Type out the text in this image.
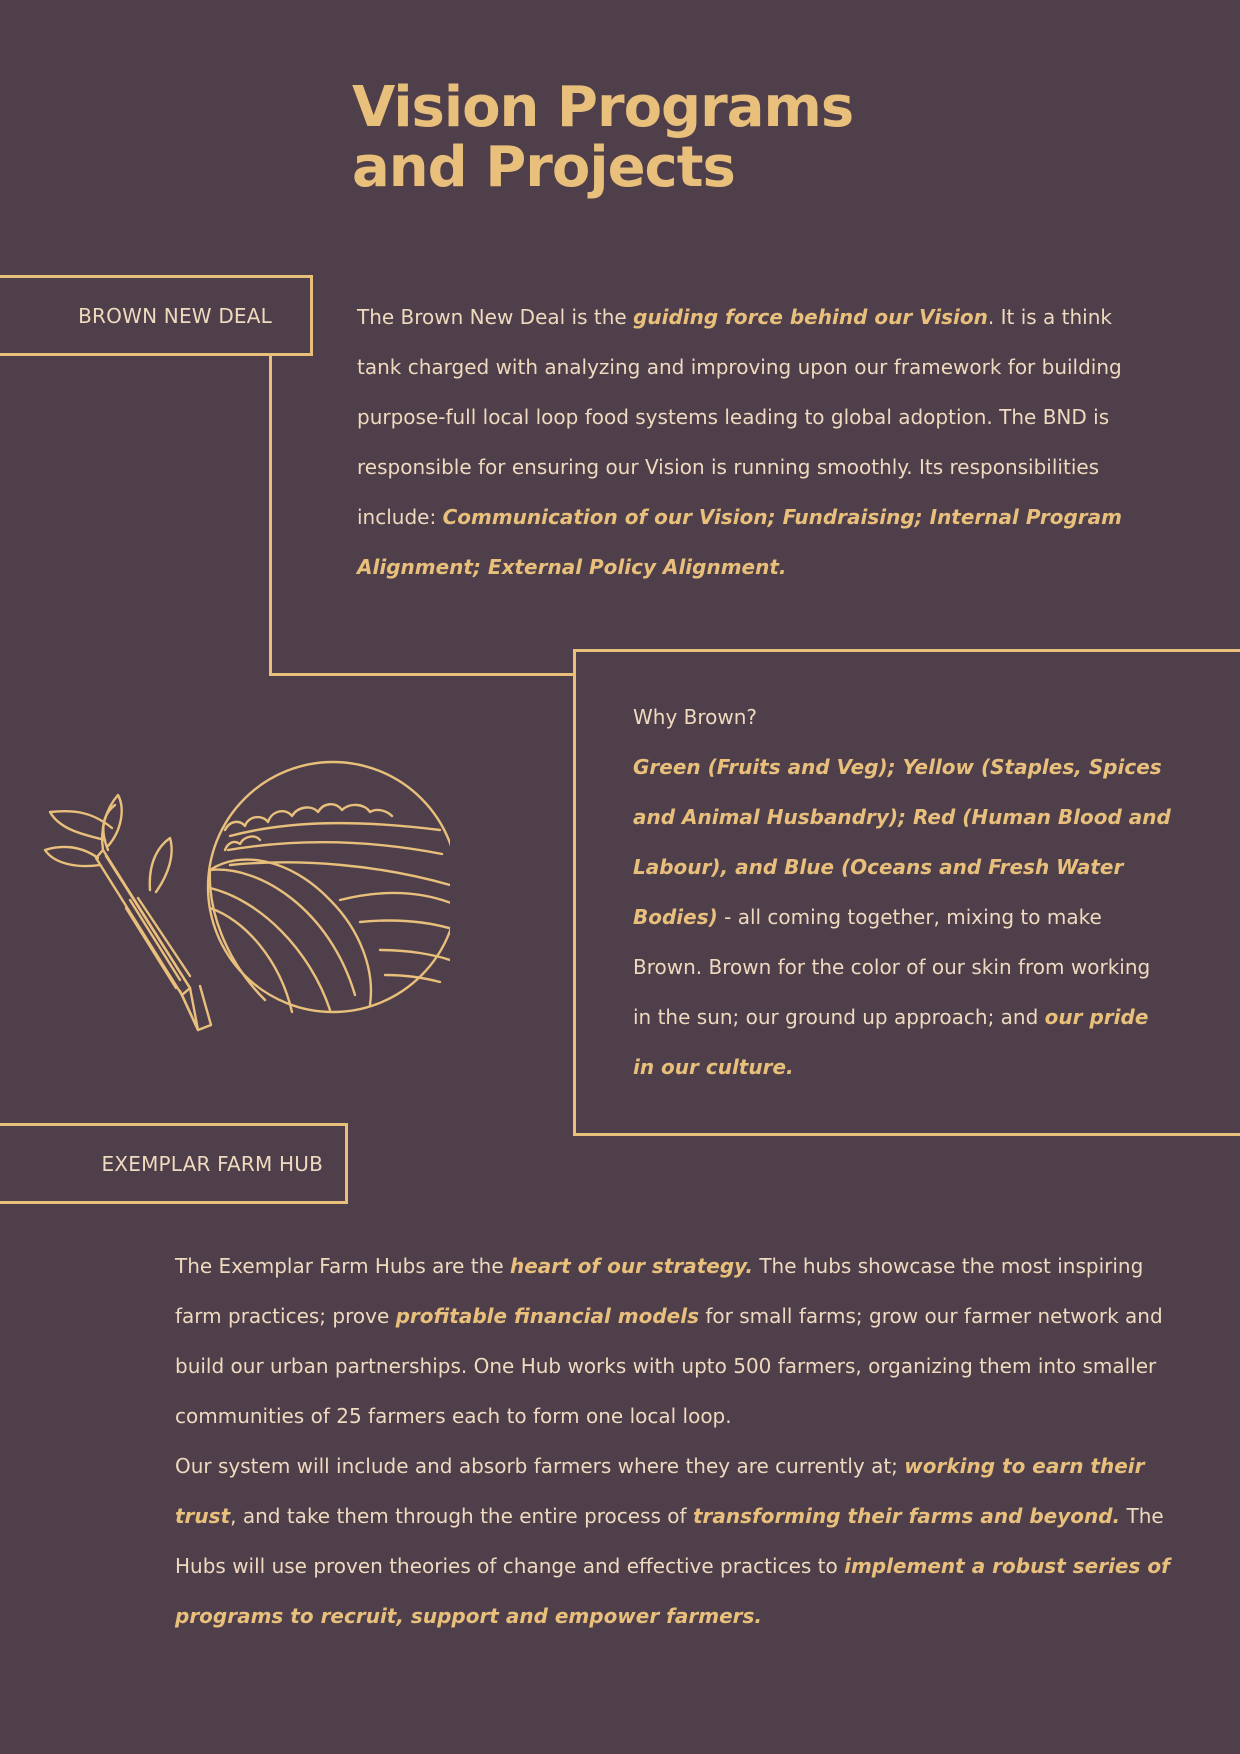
Vision Programs
and Projects
BROWN NEW DEAL	The Brown New Deal is the guiding force behind our Vision. It is a think tank charged with analyzing and improving upon our framework for building purpose-full local loop food systems leading to global adoption. The BND is responsible for ensuring our Vision is running smoothly. Its responsibilities include: Communication of our Vision; Fundraising; Internal Program Alignment; External Policy Alignment.

Why Brown?
Green (Fruits and Veg); Yellow (Staples, Spices and Animal Husbandry); Red (Human Blood and Labour), and Blue (Oceans and Fresh Water Bodies) - all coming together, mixing to make Brown. Brown for the color of our skin from working in the sun; our ground up approach; and our pride in our culture.

EXEMPLAR FARM HUB

The Exemplar Farm Hubs are the heart of our strategy. The hubs showcase the most inspiring farm practices; prove profitable financial models for small farms; grow our farmer network and build our urban partnerships. One Hub works with upto 500 farmers, organizing them into smaller communities of 25 farmers each to form one local loop.
Our system will include and absorb farmers where they are currently at; working to earn their trust, and take them through the entire process of transforming their farms and beyond. The Hubs will use proven theories of change and effective practices to implement a robust series of programs to recruit, support and empower farmers.
